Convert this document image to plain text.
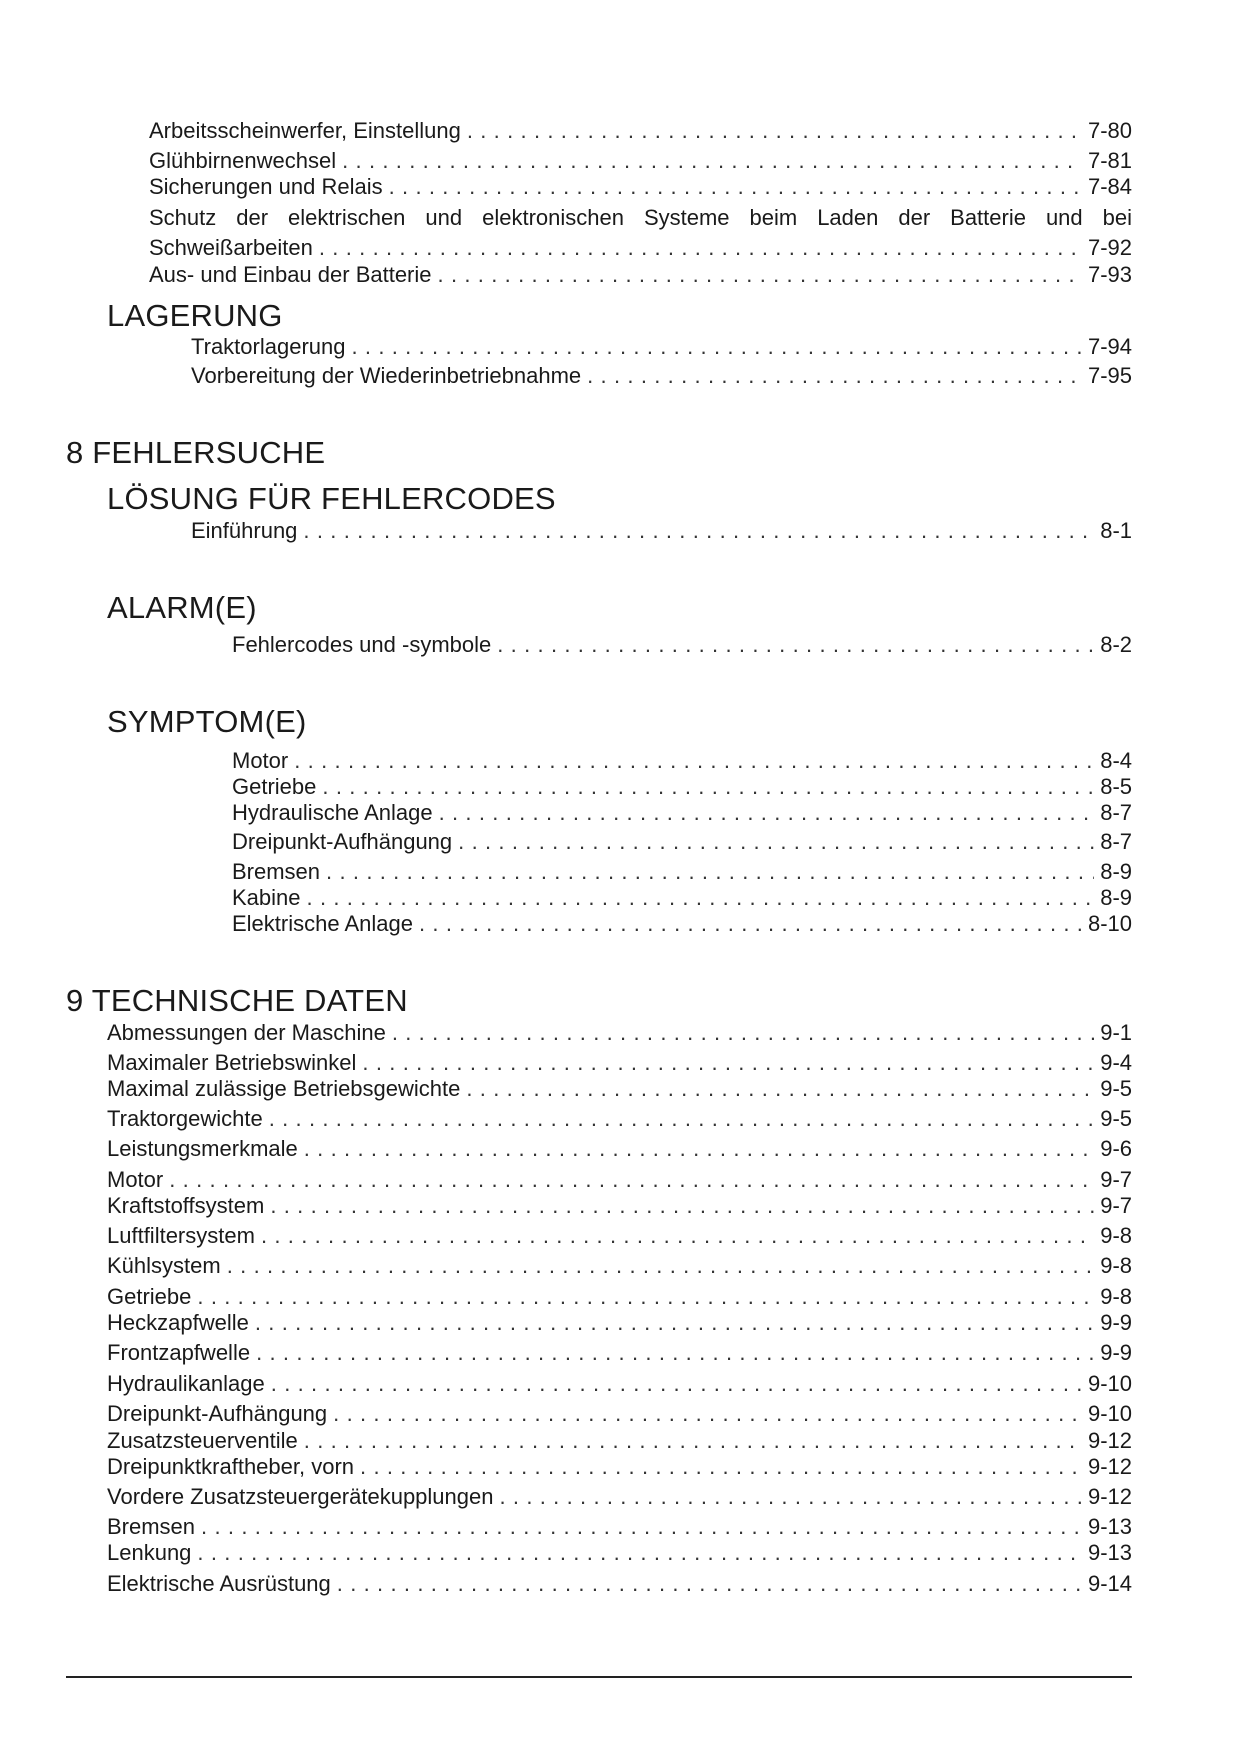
Arbeitsscheinwerfer, Einstellung . . .	7-80
Glühbirnenwechsel . . .	7-81
Sicherungen und Relais . . .	7-84
Schutz der elektrischen und elektronischen Systeme beim Laden der Batterie und bei
Schweißarbeiten . . .	7-92
Aus- und Einbau der Batterie . . .	7-93
LAGERUNG
Traktorlagerung . . .	7-94
Vorbereitung der Wiederinbetriebnahme . . .	7-95
8 FEHLERSUCHE
LÖSUNG FÜR FEHLERCODES
Einführung . . .	8-1
ALARM(E)
Fehlercodes und -symbole . . .	8-2
SYMPTOM(E)
Motor . . .	8-4
Getriebe . . .	8-5
Hydraulische Anlage . . .	8-7
Dreipunkt-Aufhängung . . .	8-7
Bremsen . . .	8-9
Kabine . . .	8-9
Elektrische Anlage . . .	8-10
9 TECHNISCHE DATEN
Abmessungen der Maschine . . .	9-1
Maximaler Betriebswinkel . . .	9-4
Maximal zulässige Betriebsgewichte . . .	9-5
Traktorgewichte . . .	9-5
Leistungsmerkmale . . .	9-6
Motor . . .	9-7
Kraftstoffsystem . . .	9-7
Luftfiltersystem . . .	9-8
Kühlsystem . . .	9-8
Getriebe . . .	9-8
Heckzapfwelle . . .	9-9
Frontzapfwelle . . .	9-9
Hydraulikanlage . . .	9-10
Dreipunkt-Aufhängung . . .	9-10
Zusatzsteuerventile . . .	9-12
Dreipunktkraftheber, vorn . . .	9-12
Vordere Zusatzsteuergerätekupplungen . . .	9-12
Bremsen . . .	9-13
Lenkung . . .	9-13
Elektrische Ausrüstung . . .	9-14
